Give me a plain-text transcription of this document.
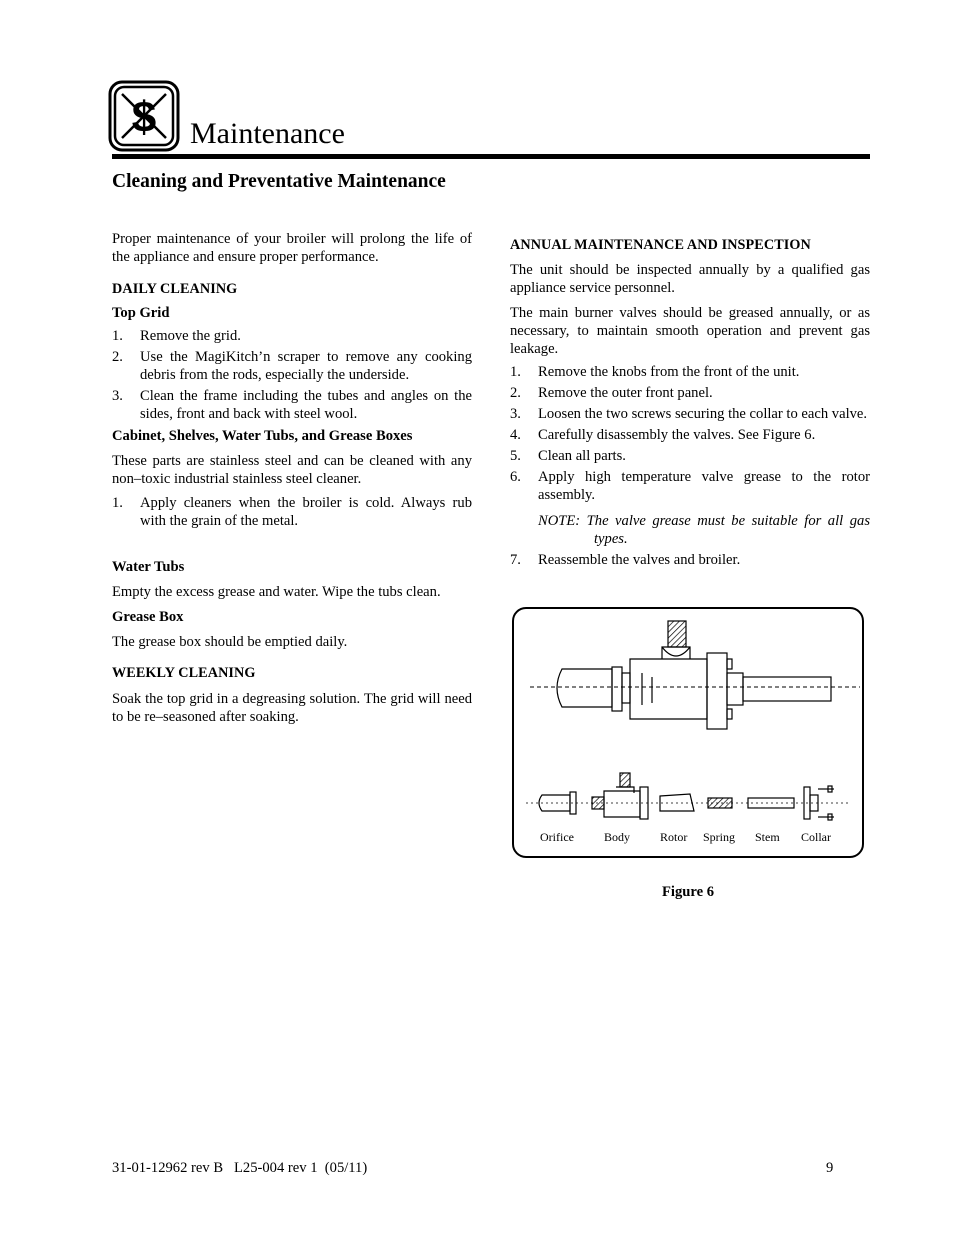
$ Maintenance
Cleaning and Preventative Maintenance

Proper maintenance of your broiler will prolong the life of the appliance and ensure proper performance.

DAILY CLEANING

Top Grid

1. Remove the grid.
2. Use the MagiKitch’n scraper to remove any cooking debris from the rods, especially the underside.
3. Clean the frame including the tubes and angles on the sides, front and back with steel wool.

Cabinet, Shelves, Water Tubs, and Grease Boxes

These parts are stainless steel and can be cleaned with any non–toxic industrial stainless steel cleaner.

1. Apply cleaners when the broiler is cold. Always rub with the grain of the metal.

Water Tubs

Empty the excess grease and water. Wipe the tubs clean.

Grease Box

The grease box should be emptied daily.

WEEKLY CLEANING

Soak the top grid in a degreasing solution. The grid will need to be re–seasoned after soaking.

ANNUAL MAINTENANCE AND INSPECTION

The unit should be inspected annually by a qualified gas appliance service personnel.

The main burner valves should be greased annually, or as necessary, to maintain smooth operation and prevent gas leakage.

1. Remove the knobs from the front of the unit.
2. Remove the outer front panel.
3. Loosen the two screws securing the collar to each valve.
4. Carefully disassembly the valves. See Figure 6.
5. Clean all parts.
6. Apply high temperature valve grease to the rotor assembly.

NOTE: The valve grease must be suitable for all gas types.

7. Reassemble the valves and broiler.
Orifice	Body Rotor Spring Stem Collar
Figure 6
31-01-12962 rev B   L25-004 rev 1  (05/11)	9
